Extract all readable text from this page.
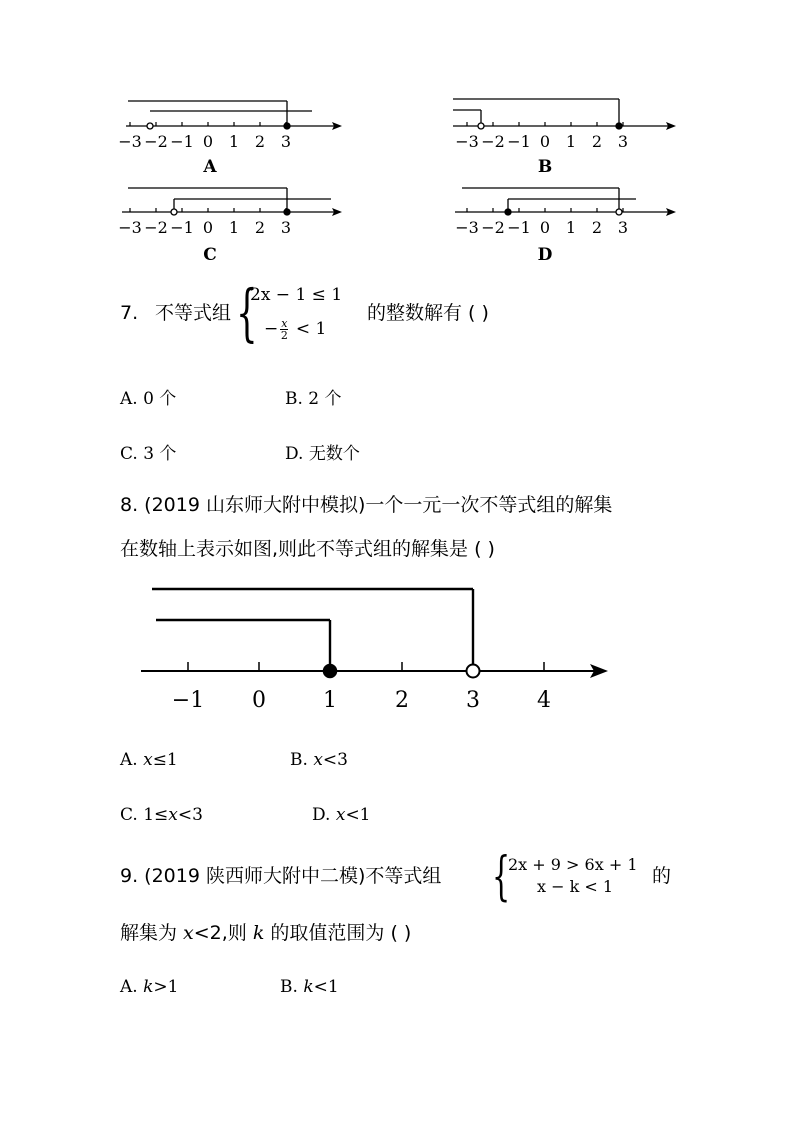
−3 −2 −1 0 1 2 3
A
−3 −2 −1 0 1 2 3
B
−3 −2 −1 0 1 2 3
C
−3 −2 −1 0 1 2 3
D
7. 不等式组 {
2x − 1 ≤ 1
− $\frac{x}{2} < 1$
的整数解有 ( )
A. 0 个	B. 2 个
C. 3 个	D. 无数个
8. (2019 山东师大附中模拟)一个一元一次不等式组的解集
在数轴上表示如图,则此不等式组的解集是 ( )
−1 0	1	2	3	4
A. x≤1	B. x<3
C. 1≤x<3	D. x<1
9. (2019 陕西师大附中二模)不等式组 {
2x + 9 > 6x + 1
x − k < 1 的
解集为 x<2,则 k 的取值范围为 ( )
A. k>1	B. k<1
